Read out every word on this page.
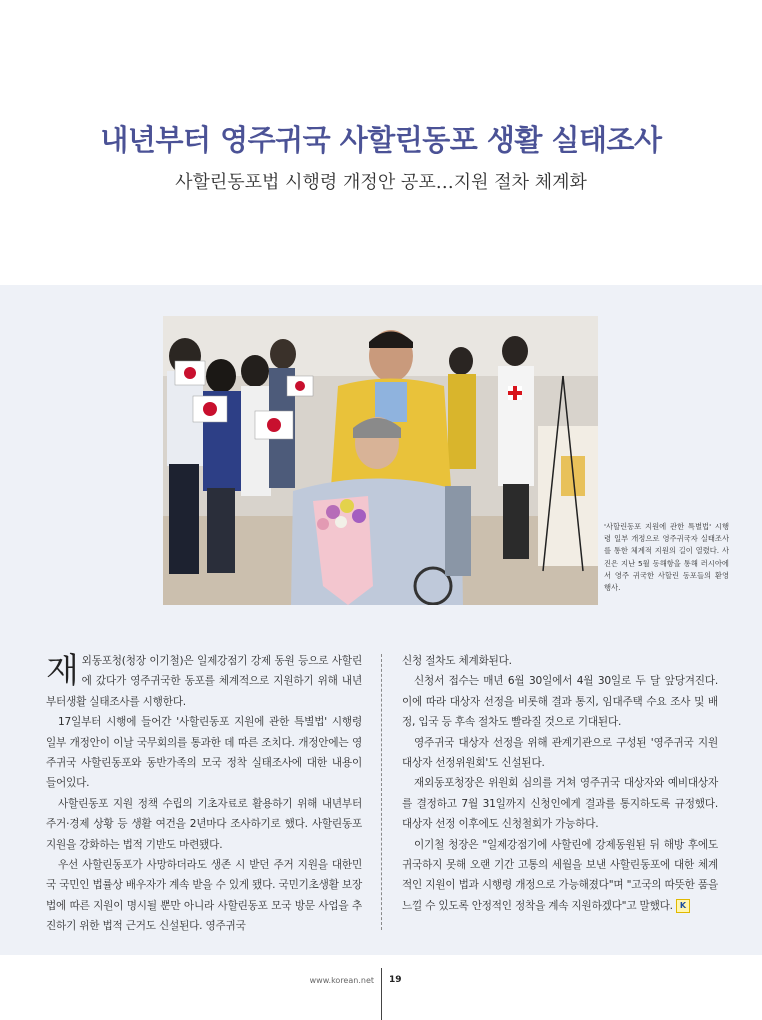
내년부터 영주귀국 사할린동포 생활 실태조사

사할린동포법 시행령 개정안 공포…지원 절차 체계화

'사할린동포 지원에 관한 특별법' 시행령 일부 개정으로 영주귀국자 실태조사를 통한 체계적 지원의 길이 열렸다. 사진은 지난 5월 동해항을 통해 러시아에서 영주 귀국한 사할린 동포들의 환영 행사.

재외동포청(청장 이기철)은 일제강점기 강제 동원 등으로 사할린에 갔다가 영주귀국한 동포를 체계적으로 지원하기 위해 내년부터생활 실태조사를 시행한다.

17일부터 시행에 들어간 '사할린동포 지원에 관한 특별법' 시행령 일부 개정안이 이날 국무회의를 통과한 데 따른 조치다. 개정안에는 영주귀국 사할린동포와 동반가족의 모국 정착 실태조사에 대한 내용이 들어있다.

사할린동포 지원 정책 수립의 기초자료로 활용하기 위해 내년부터 주거·경제 상황 등 생활 여건을 2년마다 조사하기로 했다. 사할린동포 지원을 강화하는 법적 기반도 마련됐다.

우선 사할린동포가 사망하더라도 생존 시 받던 주거 지원을 대한민국 국민인 법률상 배우자가 계속 받을 수 있게 됐다. 국민기초생활 보장법에 따른 지원이 명시될 뿐만 아니라 사할린동포 모국 방문 사업을 추진하기 위한 법적 근거도 신설된다. 영주귀국

신청 절차도 체계화된다.

신청서 접수는 매년 6월 30일에서 4월 30일로 두 달 앞당겨진다. 이에 따라 대상자 선정을 비롯해 결과 통지, 임대주택 수요 조사 및 배정, 입국 등 후속 절차도 빨라질 것으로 기대된다.

영주귀국 대상자 선정을 위해 관계기관으로 구성된 '영주귀국 지원대상자 선정위원회'도 신설된다.

재외동포청장은 위원회 심의를 거쳐 영주귀국 대상자와 예비대상자를 결정하고 7월 31일까지 신청인에게 결과를 통지하도록 규정했다. 대상자 선정 이후에도 신청철회가 가능하다.

이기철 청장은 "일제강점기에 사할린에 강제동원된 뒤 해방 후에도 귀국하지 못해 오랜 기간 고통의 세월을 보낸 사할린동포에 대한 체계적인 지원이 법과 시행령 개정으로 가능해졌다"며 "고국의 따뜻한 품을 느낄 수 있도록 안정적인 정착을 계속 지원하겠다"고 말했다. K

www.korean.net 19
